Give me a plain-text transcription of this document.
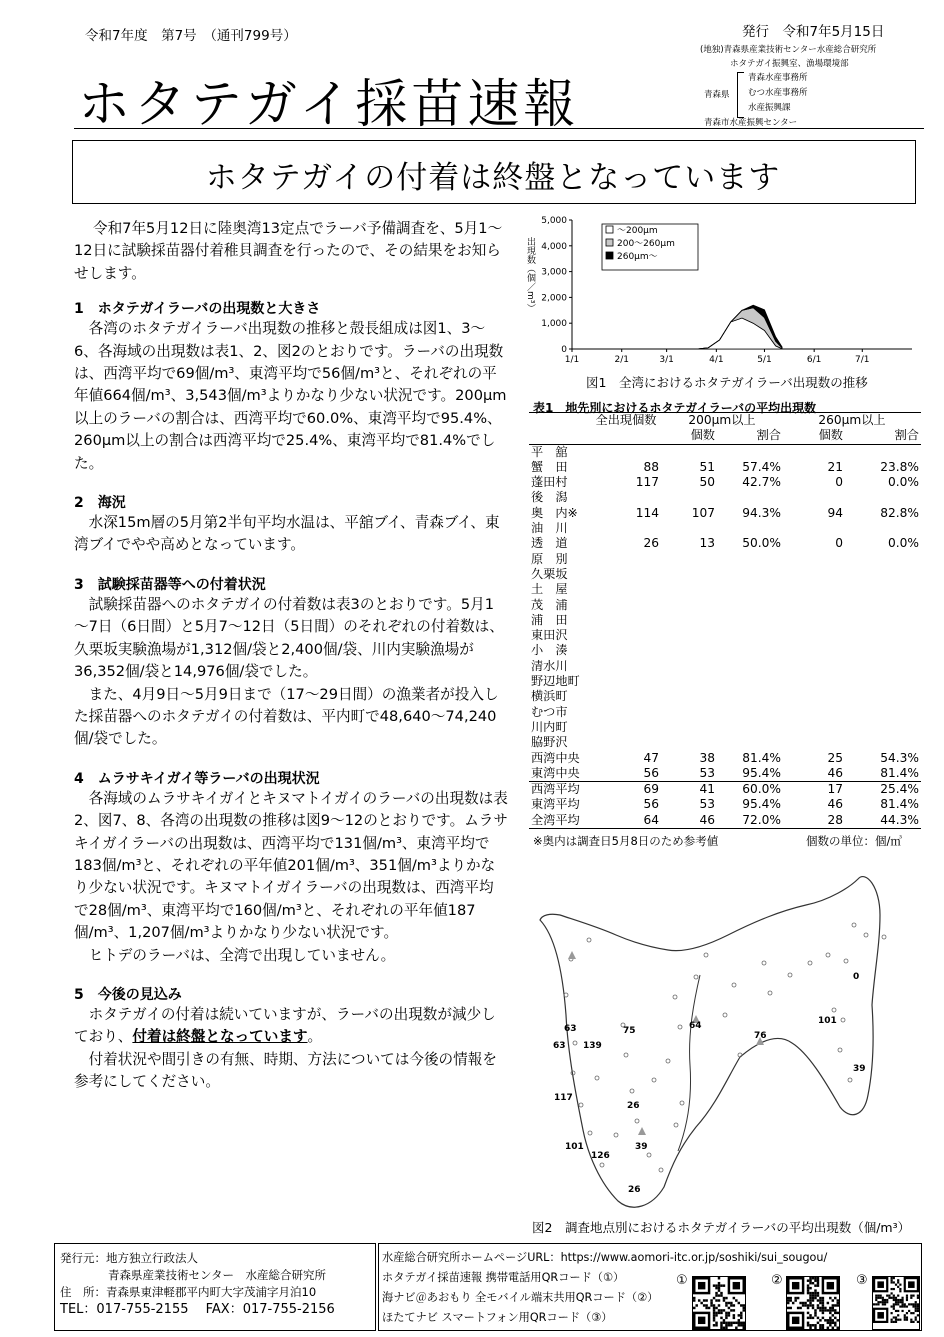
令和7年度　第7号　（通刊799号）	発行　令和7年5月15日
ホタテガイ採苗速報
(地独)青森県産業技術センター水産総合研究所
ホタテガイ振興室、漁場環境部
青森県
青森水産事務所
むつ水産事務所
水産振興課
青森市水産振興センター
ホタテガイの付着は終盤となっています

令和7年5月12日に陸奥湾13定点でラーバ予備調査を、5月1～12日に試験採苗器付着稚貝調査を行ったので、その結果をお知らせします。

1　ホタテガイラーバの出現数と大きさ

各湾のホタテガイラーバ出現数の推移と殻長組成は図1、3～6、各海域の出現数は表1、2、図2のとおりです。ラーバの出現数は、西湾平均で69個/m³、東湾平均で56個/m³と、それぞれの平年値664個/m³、3,543個/m³よりかなり少ない状況です。200μm以上のラーバの割合は、西湾平均で60.0%、東湾平均で95.4%、260μm以上の割合は西湾平均で25.4%、東湾平均で81.4%でした。

2　海況

水深15m層の5月第2半旬平均水温は、平舘ブイ、青森ブイ、東湾ブイでやや高めとなっています。

3　試験採苗器等への付着状況

試験採苗器へのホタテガイの付着数は表3のとおりです。5月1～7日（6日間）と5月7～12日（5日間）のそれぞれの付着数は、久栗坂実験漁場が1,312個/袋と2,400個/袋、川内実験漁場が36,352個/袋と14,976個/袋でした。

また、4月9日～5月9日まで（17～29日間）の漁業者が投入した採苗器へのホタテガイの付着数は、平内町で48,640～74,240個/袋でした。

4　ムラサキイガイ等ラーバの出現状況

各海域のムラサキイガイとキヌマトイガイのラーバの出現数は表2、図7、8、各湾の出現数の推移は図9～12のとおりです。ムラサキイガイラーバの出現数は、西湾平均で131個/m³、東湾平均で183個/m³と、それぞれの平年値201個/m³、351個/m³よりかなり少ない状況です。キヌマトイガイラーバの出現数は、西湾平均で28個/m³、東湾平均で160個/m³と、それぞれの平年値187個/m³、1,207個/m³よりかなり少ない状況です。

ヒトデのラーバは、全湾で出現していません。

5　今後の見込み

ホタテガイの付着は続いていますが、ラーバの出現数が減少しており、付着は終盤となっています。

付着状況や間引きの有無、時期、方法については今後の情報を参考にしてください。

5,000
4,000
3,000
2,000
1,000
0
1/1	2/1	3/1	4/1	5/1	6/1	7/1
～200μm
200～260μm
260μm～
出現数（個／m³）
図1　全湾におけるホタテガイラーバ出現数の推移
表1　地先別におけるホタテガイラーバの平均出現数
	全出現個数	200μm以上		260μm以上	
		個数	割合	個数	割合
平　舘					
蟹　田	88	51	57.4%	21	23.8%
蓬田村	117	50	42.7%	0	0.0%
後　潟					
奥　内※	114	107	94.3%	94	82.8%
油　川					
透　道	26	13	50.0%	0	0.0%
原　別					
久栗坂					
土　屋					
茂　浦					
浦　田					
東田沢					
小　湊					
清水川					
野辺地町					
横浜町					
むつ市					
川内町					
脇野沢					
西湾中央	47	38	81.4%	25	54.3%
東湾中央	56	53	95.4%	46	81.4%
西湾平均	69	41	60.0%	17	25.4%
東湾平均	56	53	95.4%	46	81.4%
全湾平均	64	46	72.0%	28	44.3%
※奥内は調査日5月8日のため参考値	個数の単位：個/㎥
0
101
64
76
75
63
63 139
39
117
26
39
101
126
26
図2　調査地点別におけるホタテガイラーバの平均出現数（個/m³）
発行元：地方独立行政法人
青森県産業技術センター　水産総合研究所
住　所：青森県東津軽郡平内町大字茂浦字月泊10
TEL：017-755-2155　 FAX：017-755-2156
水産総合研究所ホームページURL：https://www.aomori-itc.or.jp/soshiki/sui_sougou/
ホタテガイ採苗速報 携帯電話用QRコード（①）
海ナビ＠あおもり 全モバイル端末共用QRコード（②）
ほたてナビ スマートフォン用QRコード（③）
①	②	③
